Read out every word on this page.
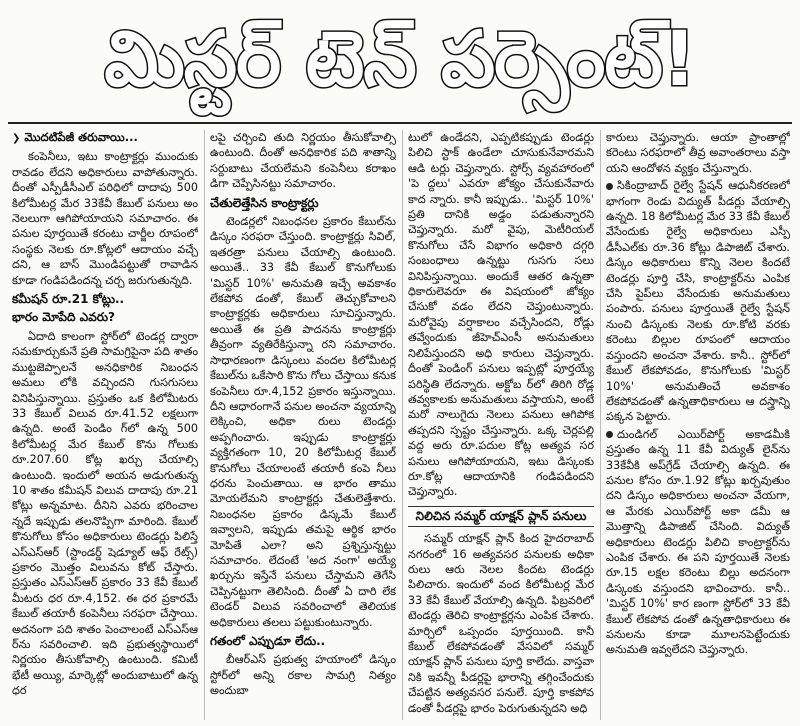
మిస్టర్ టెన్ పర్సెంట్!
❯ మొదటిపేజీ తరువాయి...

కంపెనీలు, ఇటు కాంట్రాక్టర్లు ముందుకు రావడం లేదని అధికారులు వాపోతున్నారు. దీంతో ఎస్పీడీసీఎల్ పరిధిలో దాదాపు 500 కిలోమీటర్ల మేర 33కేవీ కేబుల్ పనులు అం నెలలుగా ఆగిపోయాయని సమాచారం. ఈ పనుల పూర్తయితే కరంటు చార్జీల రూపంలో సంస్థకు నెలకు రూ.కోట్లలో ఆదాయం వచ్చే దని, ఆ బాస్ మొండిపట్టుతో రావాడిన కూడా గండిపడిందన్న చర్చ జరుగుతున్నది.

కమీషన్ రూ.21 కోట్లు..
భారం మోపేది ఎవరు?

ఏదాది కాలంగా స్టోర్‌లో టెండర్ల ద్వారా సమకూర్చుకునే ప్రతి సామగ్రిపైనా పది శాతం ముట్టజెప్పాలనే అనధికారిక నిబంధన అమలు లోకి వచ్చిందని గుసగుసలు వినిపిస్తున్నాయి. ప్రస్తుతం ఒక కిలోమీటరు 33 కేబుల్ విలువ రూ.41.52 లక్షలుగా ఉన్నది. అంటే పెండిం గ్‌లో ఉన్న 500 కిలోమీటర్ల మేర కేబుల్ కొను గోలుకు రూ.207.60 కోట్ల ఖర్చు చేయాల్సి ఉంటుంది. ఇందులో అయన అడుగుతున్న 10 శాతం కమీషన్ విలువ దాదాపు రూ.21 కోట్లు అన్నమాట. దీనిని ఎవరు భరించాల న్నదే ఇప్పుడు తలనొప్పిగా మారింది. కేబుల్ కొనుగోలు కోసం అధికారులు టెండర్లు పిలిస్తే ఎస్ఎస్ఆర్ (స్టాండర్డ్ షెడ్యూల్ ఆఫ్ రేట్స్) ప్రకారం మొత్తం విలువను కోట్ చేస్తారు. ప్రస్తుతం ఎస్ఎస్ఆర్ ప్రకారం 33 కేవీ కేబుల్ మీటరు ధర రూ.4,152. ఈ ధర ప్రకారమే కేబుల్ తయారీ కంపెనీలు సరఫరా చేస్తాయి. అదనంగా పది శాతం పెంచాలంటే ఎస్ఎస్ఆ ర్‌ను సవరించాలి. ఇది ప్రభుత్వస్థాయిలో నిర్ణయం తీసుకోవాల్సి ఉంటుంది. కమిటీ భేటీ అయ్యి, మార్కెట్లో అందుబాటులో ఉన్న ధర

లపై చర్చించి తుది నిర్ణయం తీసుకోవాల్సి ఉంటుంది. దీంతో అనధికారిక పది శాతాన్ని సర్దుబాటు చేయలేమని కంపెనీలు కరాఖం డిగా చెప్పేసినట్టు సమాచారం.

చేతులెత్తేసిన కాంట్రాక్టర్లు

టెండర్లలో నిబంధనల ప్రకారం కేబుల్‌ను డిస్కం సరఫరా చేస్తుంది. కాంట్రాక్టర్లు సివిల్, ఇతరత్రా పనులు చేయాల్సి ఉంటుంది. అయితే.. 33 కేవీ కేబుల్ కొనుగోలుకు 'మిస్టర్ 10%' అనుమతి ఇచ్చే అవకాశం లేకపోవ డంతో, కేబుల్ తెచ్చుకోవాలని కాంట్రాక్టర్లకు అధికారులు సూచిస్తున్నారు. అయితే ఈ ప్రతి పాదనను కాంట్రాక్టర్లు తీవ్రంగా వ్యతిరేకిస్తున్నా రని సమాచారం. సాధారణంగా డిస్కంలు వందల కిలోమీటర్ల కేబుల్‌ను ఒకేసారి కొను గోలు చేస్తాయి కనుక కంపెనీలు రూ.4,152 ప్రకారం ఇస్తున్నాయి. దీని ఆధారంగానే పనుల అంచనా వ్యయాన్ని లెక్కించి, అధికా రులు టెండర్లు అప్పగించారు. ఇప్పుడు కాంట్రాక్టర్లు వ్యక్తిగతంగా 10, 20 కిలోమీటర్ల కేబుల్ కొనుగోలు చేయాలంటే తయారీ కంపె నీలు ధరను పెంచుతాయి. ఆ భారం తాము మోయలేమని కాంట్రాక్టర్లు చేతులెత్తేశారు. నిబంధనల ప్రకారం డిస్కమే కేబుల్ ఇవ్వాలని, ఇప్పుడు తమపై ఆర్థిక భారం మోపితే ఎలా? అని ప్రశ్నిస్తున్నట్టు సమాచారం. లేదంటే 'అద నంగా' అయ్యే ఖర్చును ఇస్తేనే పనులు చేస్తామని తెగేసి చెప్పినట్టుగా తెలిసింది. దీంతో ఏ దారి లేక టెండర్ విలువ సవరించాలో తెలియక అధికారులు తలలు పట్టుకుంటున్నారు.

గతంలో ఎప్పుడూ లేదు..

బీఆర్ఎస్ ప్రభుత్వ హయాంలో డిస్కం స్టోర్‌లో అన్ని రకాల సామగ్రి నిత్యం అందుబా

టులో ఉండేదని, ఎప్పటికప్పుడు టెండర్లు పిలిచి స్టాక్ ఉండేలా చూసుకునేవారమని ఆడి టర్లు చెప్తున్నారు. స్టోర్స్ వ్యవహారంలో 'పె ద్దలు' ఎవరూ జోక్యం చేసుకునేవారు కాద న్నారు. కానీ ఇప్పుడు.. 'మిస్టర్ 10%' ప్రతి దానికి అడ్డం పడుతున్నారని చెప్తున్నారు. మరో వైపు, మెటీరియల్ కొనుగోలు చేసే విభాగం అధికారి దగ్గరి సంబంధాలు ఉన్నట్టు గుసగు సలు వినిపిస్తున్నాయి. అందుకే ఆతర ఉన్నతా ధికారులెవరూ ఈ విషయంలో జోక్యం చేసుకో వడం లేదని చెప్తుంటున్నారు. మరోవైపు వర్షాకాలం వచ్చేసిందని, రోడ్లు తవ్వేందుకు జీహెచ్ఎంసీ అనుమతులు నిలిపేస్తుందని అధి కారులు చెప్తున్నారు. దీంతో పెండింగ్ పనులు ఇప్పట్లో పూర్తయ్యే పరిస్థితి లేదన్నారు. అక్టోబ ర్‌లో తిరిగి రోడ్ల తవ్వకాలకు అనుమతులు వస్తాయని, అంటే మరో నాలుగైదు నెలలు పనులు ఆగిపోక తప్పదని స్పష్టం చేస్తున్నారు. ఒక్క చెర్లపల్లి వద్ద అరు రూ.పదుల కోట్ల అత్యవ సర పనులు ఆగిపోయాయని, ఇటు డిస్కంకు రూ.కోట్ల ఆదాయానికి గండిపడిందని చెప్తున్నారు.

నిలిచిన సమ్మర్ యాక్షన్ ప్లాన్ పనులు

సమ్మర్ యాక్షన్ ప్లాన్ కింద హైదరాబాద్ నగరంలో 16 అత్యవసర పనులకు అధికా రులు ఆరు నెలల కిందట టెండర్లు పిలిచారు. ఇందులో వంద కిలోమీటర్ల మేర 33 కేవీ కేబుల్ వేయాల్సి ఉన్నది. ఫిబ్రవరిలో టెండర్లు తెరిచి కాంట్రాక్టర్లను ఎంపిక చేశారు. మార్చిలో ఒప్పందం పూర్తయింది. కానీ కేబుల్ లేకపోవడంతో వేసవిలో సమ్మర్ యాక్షన్ ప్లాన్ పనులు పూర్తి కాలేదు. వాస్తవా నికి ఇవన్నీ పీడర్లపై భారాన్ని తగ్గించేందుకు చేపట్టిన అత్యవసర పనులే. పూర్తి కాకపోవ డంతో పీడర్లపై భారం పెరుగుతున్నదని అధి

కారులు చెప్తున్నారు. ఆయా ప్రాంతాల్లో కరెంటు సరఫరాలో తీవ్ర అవాంతరాలు వస్తా యని ఆందోళన వ్యక్తం చేస్తున్నారు.

సికింద్రాబాద్ రైల్వే స్టేషన్ ఆధునీకరణలో భాగంగా రెండు విద్యుత్ పీడర్లు వేయాల్సి ఉన్నది. 18 కిలోమీటర్ల మేర 33 కేవీ కేబుల్ వేసేందుకు రైల్వే అధికారులు ఎస్పీ డీసీఎల్‌కు రూ.36 కోట్లు డిపాజిట్ చేశారు. డిస్కం అధికారులు కొన్ని నెలల కిందటే టెండర్లు పూర్తి చేసి, కాంట్రాక్టర్‌ను ఎంపిక చేసి పైప్‌లు వేసేందుకు అనుమతులు పంపారు. పనులు పూర్తయితే రైల్వే స్టేషన్ నుంచి డిస్కంకు నెలకు రూ.కోటి వరకు కరెంటు బిల్లుల రూపంలో ఆదాయం వస్తుందని అంచనా వేశారు. కానీ.. స్టోర్‌లో కేబుల్ లేకపోవడం, కొనుగోలుకు 'మిస్టర్ 10%' అనుమతించే అవకాశం లేకపోవడంతో ఉన్నతాధికారులు ఆ దస్త్రాన్ని పక్కన పెట్టారు.

దుండిగల్ ఎయిర్‌పోర్ట్ అకాడమీకి ప్రస్తుతం ఉన్న 11 కేవీ విద్యుత్ లైన్‌ను 33కేవీకి అప్‌గ్రేడ్ చేయాల్సి ఉన్నది. ఈ పనుల కోసం రూ.1.92 కోట్లు ఖర్చవుతుం దని డిస్కం అధికారులు అంచనా వేయగా, ఆ మేరకు ఎయిర్‌పోర్ట్ అకా డమీ ఆ మొత్తాన్ని డిపాజిట్ చేసింది. విద్యుత్ అధికారులు టెండర్లు పిలిచి కాంట్రాక్టర్‌ను ఎంపిక చేశారు. ఈ పని పూర్తయితే నెలకు రూ.15 లక్షల కరెంటు బిల్లు అదనంగా డిస్కంకు వస్తుందని భావించారు. కానీ.. 'మిస్టర్ 10%' కార ణంగా స్టోర్‌లో 33 కేవీ కేబుల్ లేకపోవ డంతో ఉన్నతాధికారులు ఈ పనులను కూడా మూలనపెట్టేందుకు అనుమతి ఇవ్వలేదని చెప్తున్నారు.
